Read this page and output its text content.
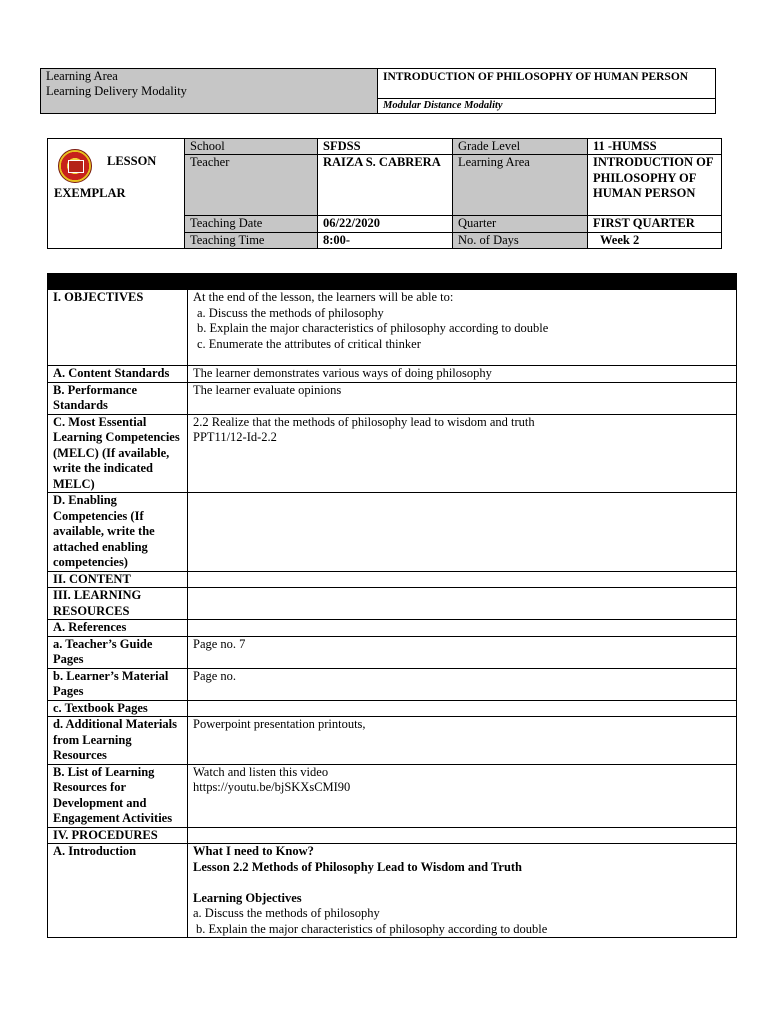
Learning Area
Learning Delivery Modality
	INTRODUCTION OF PHILOSOPHY OF HUMAN PERSON
Modular Distance Modality
LESSON
EXEMPLAR	School	SFDSS	Grade Level	11 -HUMSS
	Teacher	RAIZA S. CABRERA	Learning Area	INTRODUCTION OF PHILOSOPHY OF HUMAN PERSON

	Teaching Date	06/22/2020	Quarter	FIRST QUARTER
	Teaching Time	8:00-	No. of Days	Week 2

I. OBJECTIVES	At the end of the lesson, the learners will be able to:
a. Discuss the methods of philosophy
b. Explain the major characteristics of philosophy according to double
c. Enumerate the attributes of critical thinker

A. Content Standards	The learner demonstrates various ways of doing philosophy
B. Performance Standards	The learner evaluate opinions
C. Most Essential Learning Competencies (MELC) (If available, write the indicated MELC)	2.2 Realize that the methods of philosophy lead to wisdom and truth
PPT11/12-Id-2.2

D. Enabling Competencies (If available, write the attached enabling competencies)	
II. CONTENT	
III. LEARNING RESOURCES	
A. References	
a. Teacher’s Guide Pages	Page no. 7
b. Learner’s Material Pages	Page no.
c. Textbook Pages	
d. Additional Materials from Learning Resources	Powerpoint presentation printouts,
B. List of Learning Resources for Development and Engagement Activities	Watch and listen this video
https://youtu.be/bjSKXsCMI90

IV. PROCEDURES	
A. Introduction	What I need to Know?
Lesson 2.2 Methods of Philosophy Lead to Wisdom and Truth
Learning Objectives
a. Discuss the methods of philosophy
b. Explain the major characteristics of philosophy according to double
